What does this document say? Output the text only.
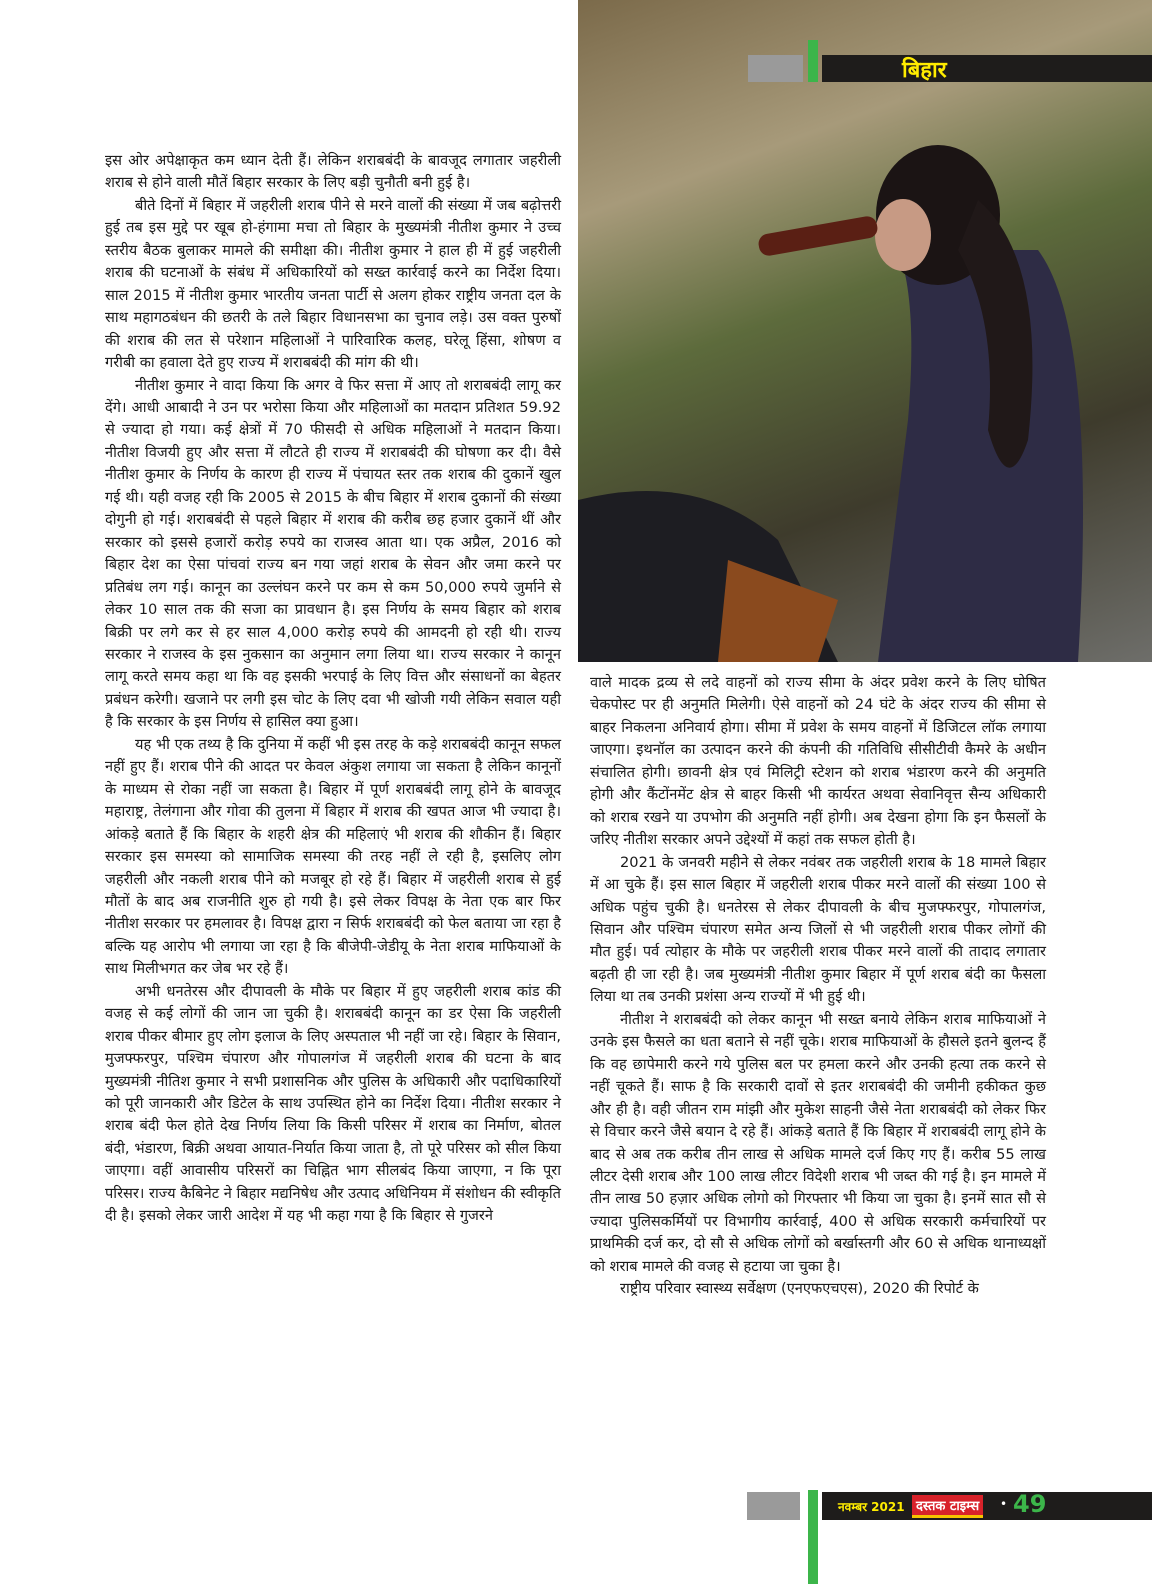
बिहार

इस ओर अपेक्षाकृत कम ध्यान देती हैं। लेकिन शराबबंदी के बावजूद लगातार जहरीली शराब से होने वाली मौतें बिहार सरकार के लिए बड़ी चुनौती बनी हुई है।

बीते दिनों में बिहार में जहरीली शराब पीने से मरने वालों की संख्या में जब बढ़ोत्तरी हुई तब इस मुद्दे पर खूब हो-हंगामा मचा तो बिहार के मुख्यमंत्री नीतीश कुमार ने उच्च स्तरीय बैठक बुलाकर मामले की समीक्षा की। नीतीश कुमार ने हाल ही में हुई जहरीली शराब की घटनाओं के संबंध में अधिकारियों को सख्त कार्रवाई करने का निर्देश दिया। साल 2015 में नीतीश कुमार भारतीय जनता पार्टी से अलग होकर राष्ट्रीय जनता दल के साथ महागठबंधन की छतरी के तले बिहार विधानसभा का चुनाव लड़े। उस वक्त पुरुषों की शराब की लत से परेशान महिलाओं ने पारिवारिक कलह, घरेलू हिंसा, शोषण व गरीबी का हवाला देते हुए राज्य में शराबबंदी की मांग की थी।

नीतीश कुमार ने वादा किया कि अगर वे फिर सत्ता में आए तो शराबबंदी लागू कर देंगे। आधी आबादी ने उन पर भरोसा किया और महिलाओं का मतदान प्रतिशत 59.92 से ज्यादा हो गया। कई क्षेत्रों में 70 फीसदी से अधिक महिलाओं ने मतदान किया। नीतीश विजयी हुए और सत्ता में लौटते ही राज्य में शराबबंदी की घोषणा कर दी। वैसे नीतीश कुमार के निर्णय के कारण ही राज्य में पंचायत स्तर तक शराब की दुकानें खुल गई थी। यही वजह रही कि 2005 से 2015 के बीच बिहार में शराब दुकानों की संख्या दोगुनी हो गई। शराबबंदी से पहले बिहार में शराब की करीब छह हजार दुकानें थीं और सरकार को इससे हजारों करोड़ रुपये का राजस्व आता था। एक अप्रैल, 2016 को बिहार देश का ऐसा पांचवां राज्य बन गया जहां शराब के सेवन और जमा करने पर प्रतिबंध लग गई। कानून का उल्लंघन करने पर कम से कम 50,000 रुपये जुर्माने से लेकर 10 साल तक की सजा का प्रावधान है। इस निर्णय के समय बिहार को शराब बिक्री पर लगे कर से हर साल 4,000 करोड़ रुपये की आमदनी हो रही थी। राज्य सरकार ने राजस्व के इस नुकसान का अनुमान लगा लिया था। राज्य सरकार ने कानून लागू करते समय कहा था कि वह इसकी भरपाई के लिए वित्त और संसाधनों का बेहतर प्रबंधन करेगी। खजाने पर लगी इस चोट के लिए दवा भी खोजी गयी लेकिन सवाल यही है कि सरकार के इस निर्णय से हासिल क्या हुआ।

यह भी एक तथ्य है कि दुनिया में कहीं भी इस तरह के कड़े शराबबंदी कानून सफल नहीं हुए हैं। शराब पीने की आदत पर केवल अंकुश लगाया जा सकता है लेकिन कानूनों के माध्यम से रोका नहीं जा सकता है। बिहार में पूर्ण शराबबंदी लागू होने के बावजूद महाराष्ट्र, तेलंगाना और गोवा की तुलना में बिहार में शराब की खपत आज भी ज्यादा है। आंकड़े बताते हैं कि बिहार के शहरी क्षेत्र की महिलाएं भी शराब की शौकीन हैं। बिहार सरकार इस समस्या को सामाजिक समस्या की तरह नहीं ले रही है, इसलिए लोग जहरीली और नकली शराब पीने को मजबूर हो रहे हैं। बिहार में जहरीली शराब से हुई मौतों के बाद अब राजनीति शुरु हो गयी है। इसे लेकर विपक्ष के नेता एक बार फिर नीतीश सरकार पर हमलावर है। विपक्ष द्वारा न सिर्फ शराबबंदी को फेल बताया जा रहा है बल्कि यह आरोप भी लगाया जा रहा है कि बीजेपी-जेडीयू के नेता शराब माफियाओं के साथ मिलीभगत कर जेब भर रहे हैं।

अभी धनतेरस और दीपावली के मौके पर बिहार में हुए जहरीली शराब कांड की वजह से कई लोगों की जान जा चुकी है। शराबबंदी कानून का डर ऐसा कि जहरीली शराब पीकर बीमार हुए लोग इलाज के लिए अस्पताल भी नहीं जा रहे। बिहार के सिवान, मुजफ्फरपुर, पश्चिम चंपारण और गोपालगंज में जहरीली शराब की घटना के बाद मुख्यमंत्री नीतिश कुमार ने सभी प्रशासनिक और पुलिस के अधिकारी और पदाधिकारियों को पूरी जानकारी और डिटेल के साथ उपस्थित होने का निर्देश दिया। नीतीश सरकार ने शराब बंदी फेल होते देख निर्णय लिया कि किसी परिसर में शराब का निर्माण, बोतल बंदी, भंडारण, बिक्री अथवा आयात-निर्यात किया जाता है, तो पूरे परिसर को सील किया जाएगा। वहीं आवासीय परिसरों का चिह्नित भाग सीलबंद किया जाएगा, न कि पूरा परिसर। राज्य कैबिनेट ने बिहार मद्यनिषेध और उत्पाद अधिनियम में संशोधन की स्वीकृति दी है। इसको लेकर जारी आदेश में यह भी कहा गया है कि बिहार से गुजरने

वाले मादक द्रव्य से लदे वाहनों को राज्य सीमा के अंदर प्रवेश करने के लिए घोषित चेकपोस्ट पर ही अनुमति मिलेगी। ऐसे वाहनों को 24 घंटे के अंदर राज्य की सीमा से बाहर निकलना अनिवार्य होगा। सीमा में प्रवेश के समय वाहनों में डिजिटल लॉक लगाया जाएगा। इथनॉल का उत्पादन करने की कंपनी की गतिविधि सीसीटीवी कैमरे के अधीन संचालित होगी। छावनी क्षेत्र एवं मिलिट्री स्टेशन को शराब भंडारण करने की अनुमति होगी और कैंटोंनमेंट क्षेत्र से बाहर किसी भी कार्यरत अथवा सेवानिवृत्त सैन्य अधिकारी को शराब रखने या उपभोग की अनुमति नहीं होगी। अब देखना होगा कि इन फैसलों के जरिए नीतीश सरकार अपने उद्देश्यों में कहां तक सफल होती है।

2021 के जनवरी महीने से लेकर नवंबर तक जहरीली शराब के 18 मामले बिहार में आ चुके हैं। इस साल बिहार में जहरीली शराब पीकर मरने वालों की संख्या 100 से अधिक पहुंच चुकी है। धनतेरस से लेकर दीपावली के बीच मुजफ्फरपुर, गोपालगंज, सिवान और पश्चिम चंपारण समेत अन्य जिलों से भी जहरीली शराब पीकर लोगों की मौत हुई। पर्व त्योहार के मौके पर जहरीली शराब पीकर मरने वालों की तादाद लगातार बढ़ती ही जा रही है। जब मुख्यमंत्री नीतीश कुमार बिहार में पूर्ण शराब बंदी का फैसला लिया था तब उनकी प्रशंसा अन्य राज्यों में भी हुई थी।

नीतीश ने शराबबंदी को लेकर कानून भी सख्त बनाये लेकिन शराब माफियाओं ने उनके इस फैसले का धता बताने से नहीं चूके। शराब माफियाओं के हौसले इतने बुलन्द हैं कि वह छापेमारी करने गये पुलिस बल पर हमला करने और उनकी हत्या तक करने से नहीं चूकते हैं। साफ है कि सरकारी दावों से इतर शराबबंदी की जमीनी हकीकत कुछ और ही है। वही जीतन राम मांझी और मुकेश साहनी जैसे नेता शराबबंदी को लेकर फिर से विचार करने जैसे बयान दे रहे हैं। आंकड़े बताते हैं कि बिहार में शराबबंदी लागू होने के बाद से अब तक करीब तीन लाख से अधिक मामले दर्ज किए गए हैं। करीब 55 लाख लीटर देसी शराब और 100 लाख लीटर विदेशी शराब भी जब्त की गई है। इन मामले में तीन लाख 50 हज़ार अधिक लोगो को गिरफ्तार भी किया जा चुका है। इनमें सात सौ से ज्यादा पुलिसकर्मियों पर विभागीय कार्रवाई, 400 से अधिक सरकारी कर्मचारियों पर प्राथमिकी दर्ज कर, दो सौ से अधिक लोगों को बर्खास्तगी और 60 से अधिक थानाध्यक्षों को शराब मामले की वजह से हटाया जा चुका है।

राष्ट्रीय परिवार स्वास्थ्य सर्वेक्षण (एनएफएचएस), 2020 की रिपोर्ट के

नवम्बर 2021 दस्तक टाइम्स	• 49
